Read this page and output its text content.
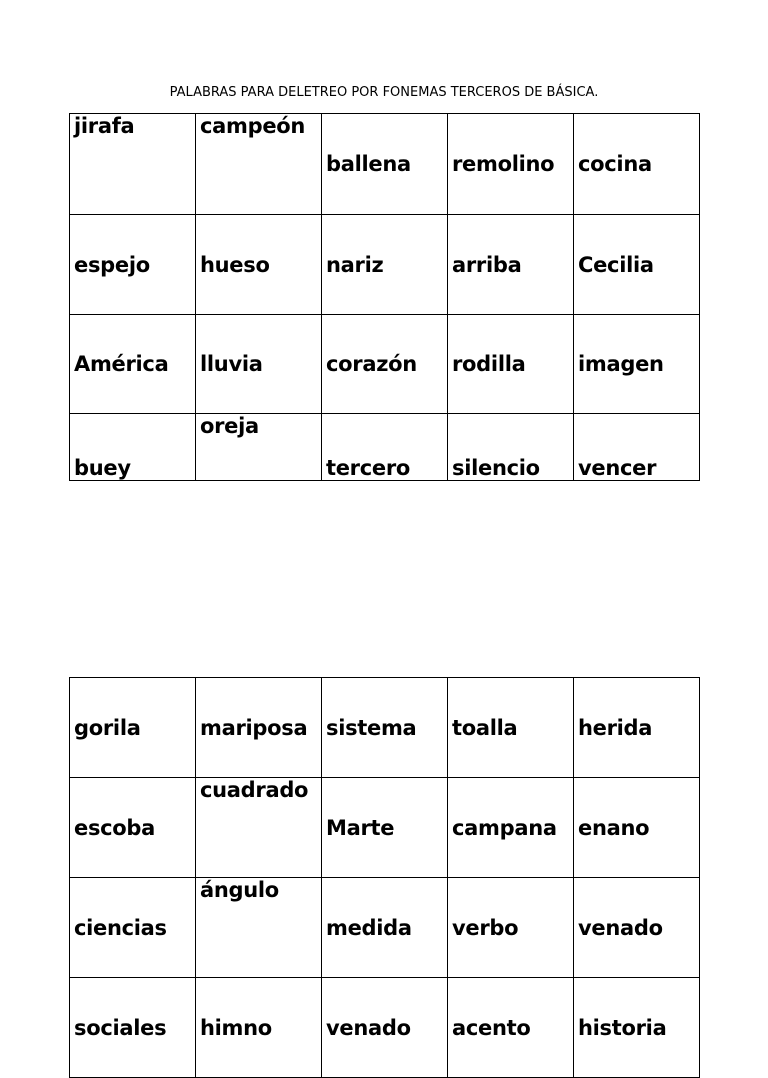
PALABRAS PARA DELETREO POR FONEMAS TERCEROS DE BÁSICA.
jirafa	campeón	ballena	remolino	cocina
espejo	hueso	nariz	arriba	Cecilia
América	lluvia	corazón	rodilla	imagen
buey	oreja	tercero	silencio	vencer
gorila	mariposa	sistema	toalla	herida
escoba	cuadrado	Marte	campana	enano
ciencias	ángulo	medida	verbo	venado
sociales	himno	venado	acento	historia
